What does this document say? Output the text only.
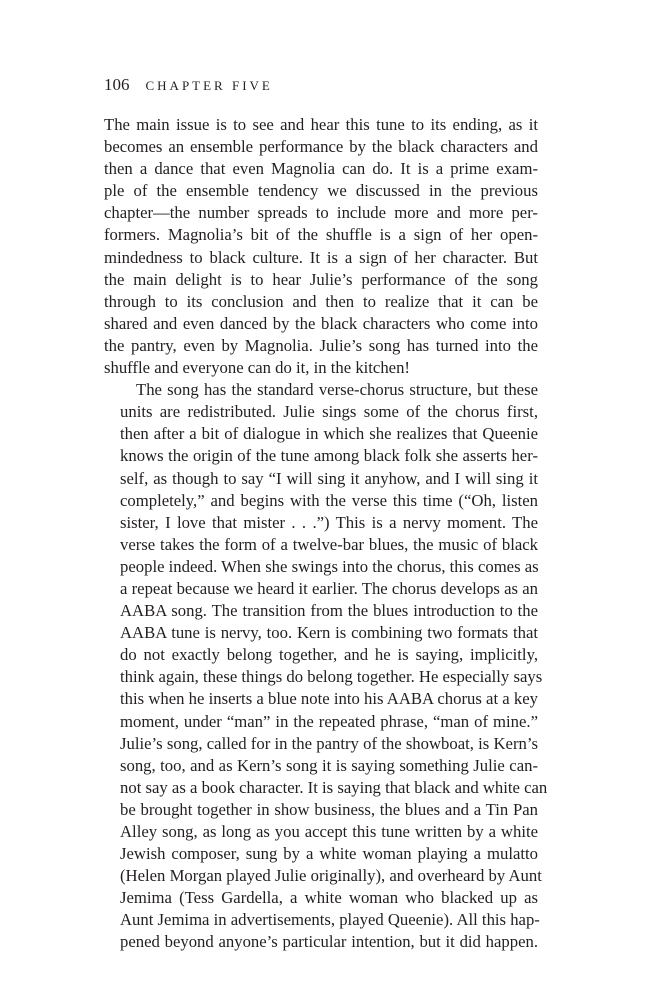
106 CHAPTER FIVE
The main issue is to see and hear this tune to its ending, as it
becomes an ensemble performance by the black characters and
then a dance that even Magnolia can do. It is a prime exam-
ple of the ensemble tendency we discussed in the previous
chapter—the number spreads to include more and more per-
formers. Magnolia’s bit of the shuffle is a sign of her open-
mindedness to black culture. It is a sign of her character. But
the main delight is to hear Julie’s performance of the song
through to its conclusion and then to realize that it can be
shared and even danced by the black characters who come into
the pantry, even by Magnolia. Julie’s song has turned into the
shuffle and everyone can do it, in the kitchen!
The song has the standard verse-chorus structure, but these
units are redistributed. Julie sings some of the chorus first,
then after a bit of dialogue in which she realizes that Queenie
knows the origin of the tune among black folk she asserts her-
self, as though to say “I will sing it anyhow, and I will sing it
completely,” and begins with the verse this time (“Oh, listen
sister, I love that mister . . .”) This is a nervy moment. The
verse takes the form of a twelve-bar blues, the music of black
people indeed. When she swings into the chorus, this comes as
a repeat because we heard it earlier. The chorus develops as an
AABA song. The transition from the blues introduction to the
AABA tune is nervy, too. Kern is combining two formats that
do not exactly belong together, and he is saying, implicitly,
think again, these things do belong together. He especially says
this when he inserts a blue note into his AABA chorus at a key
moment, under “man” in the repeated phrase, “man of mine.”
Julie’s song, called for in the pantry of the showboat, is Kern’s
song, too, and as Kern’s song it is saying something Julie can-
not say as a book character. It is saying that black and white can
be brought together in show business, the blues and a Tin Pan
Alley song, as long as you accept this tune written by a white
Jewish composer, sung by a white woman playing a mulatto
(Helen Morgan played Julie originally), and overheard by Aunt
Jemima (Tess Gardella, a white woman who blacked up as
Aunt Jemima in advertisements, played Queenie). All this hap-
pened beyond anyone’s particular intention, but it did happen.
